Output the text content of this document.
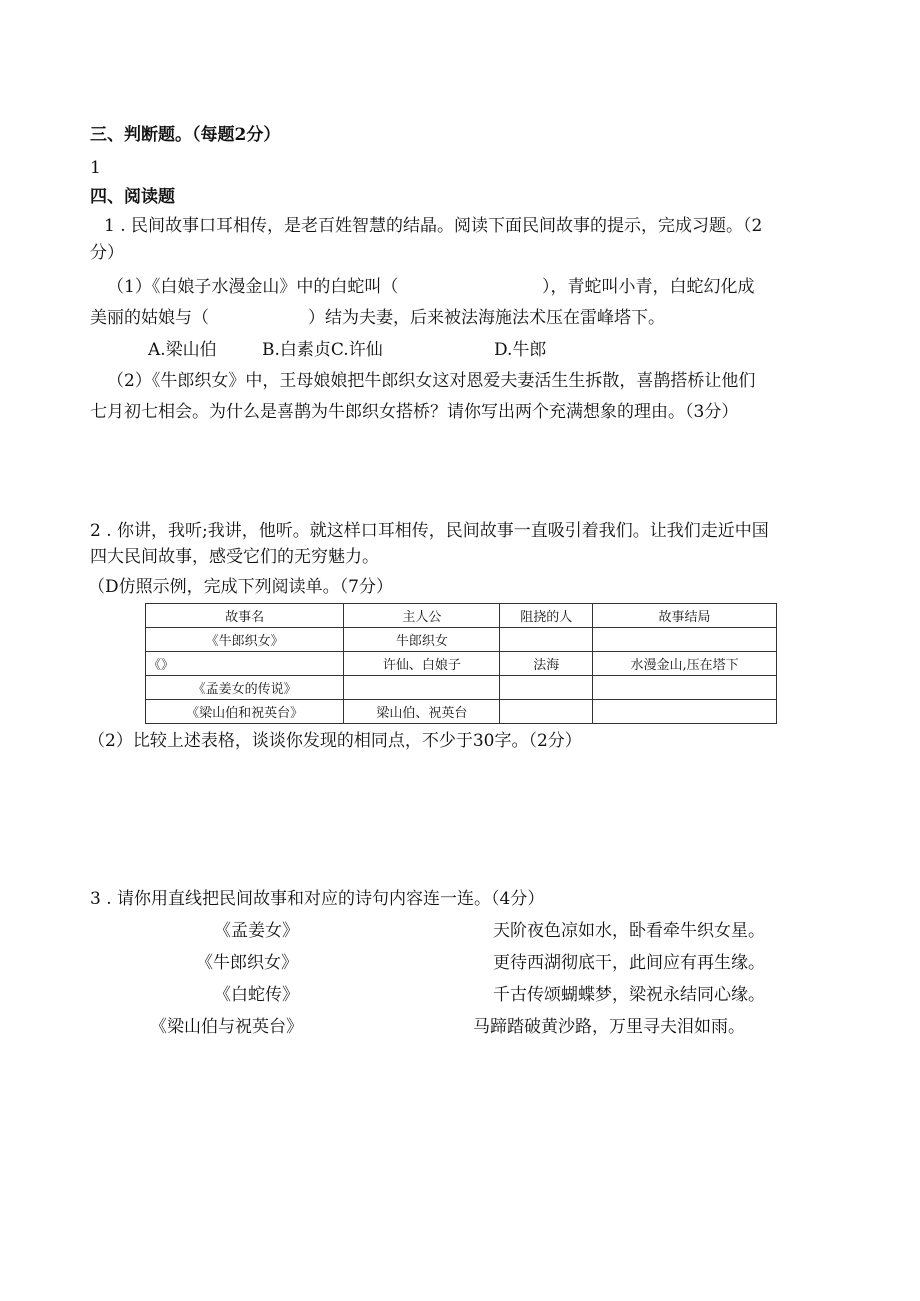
三、判断题。（每题2分）
1
四、阅读题
1 . 民间故事口耳相传，是老百姓智慧的结晶。阅读下面民间故事的提示，完成习题。（2
分）
（1）《白娘子水漫金山》中的白蛇叫（	），青蛇叫小青，白蛇幻化成
美丽的姑娘与（	）结为夫妻，后来被法海施法术压在雷峰塔下。
A.梁山伯	B.白素贞C.许仙	D.牛郎
（2）《牛郎织女》中，王母娘娘把牛郎织女这对恩爱夫妻活生生拆散，喜鹊搭桥让他们
七月初七相会。为什么是喜鹊为牛郎织女搭桥？请你写出两个充满想象的理由。（3分）
2 . 你讲，我听;我讲，他听。就这样口耳相传，民间故事一直吸引着我们。让我们走近中国
四大民间故事，感受它们的无穷魅力。
（D仿照示例，完成下列阅读单。（7分）
故事名	主人公	阻挠的人	故事结局
《牛郎织女》	牛郎织女		
《》	许仙、白娘子	法海	水漫金山,压在塔下
《孟姜女的传说》			
《梁山伯和祝英台》	梁山伯、祝英台		
（2）比较上述表格，谈谈你发现的相同点，不少于30字。（2分）
3 . 请你用直线把民间故事和对应的诗句内容连一连。（4分）
《孟姜女》
《牛郎织女》
《白蛇传》
《梁山伯与祝英台》
天阶夜色凉如水，卧看牵牛织女星。
更待西湖彻底干，此间应有再生缘。
千古传颂蝴蝶梦，梁祝永结同心缘。
马蹄踏破黄沙路，万里寻夫泪如雨。
